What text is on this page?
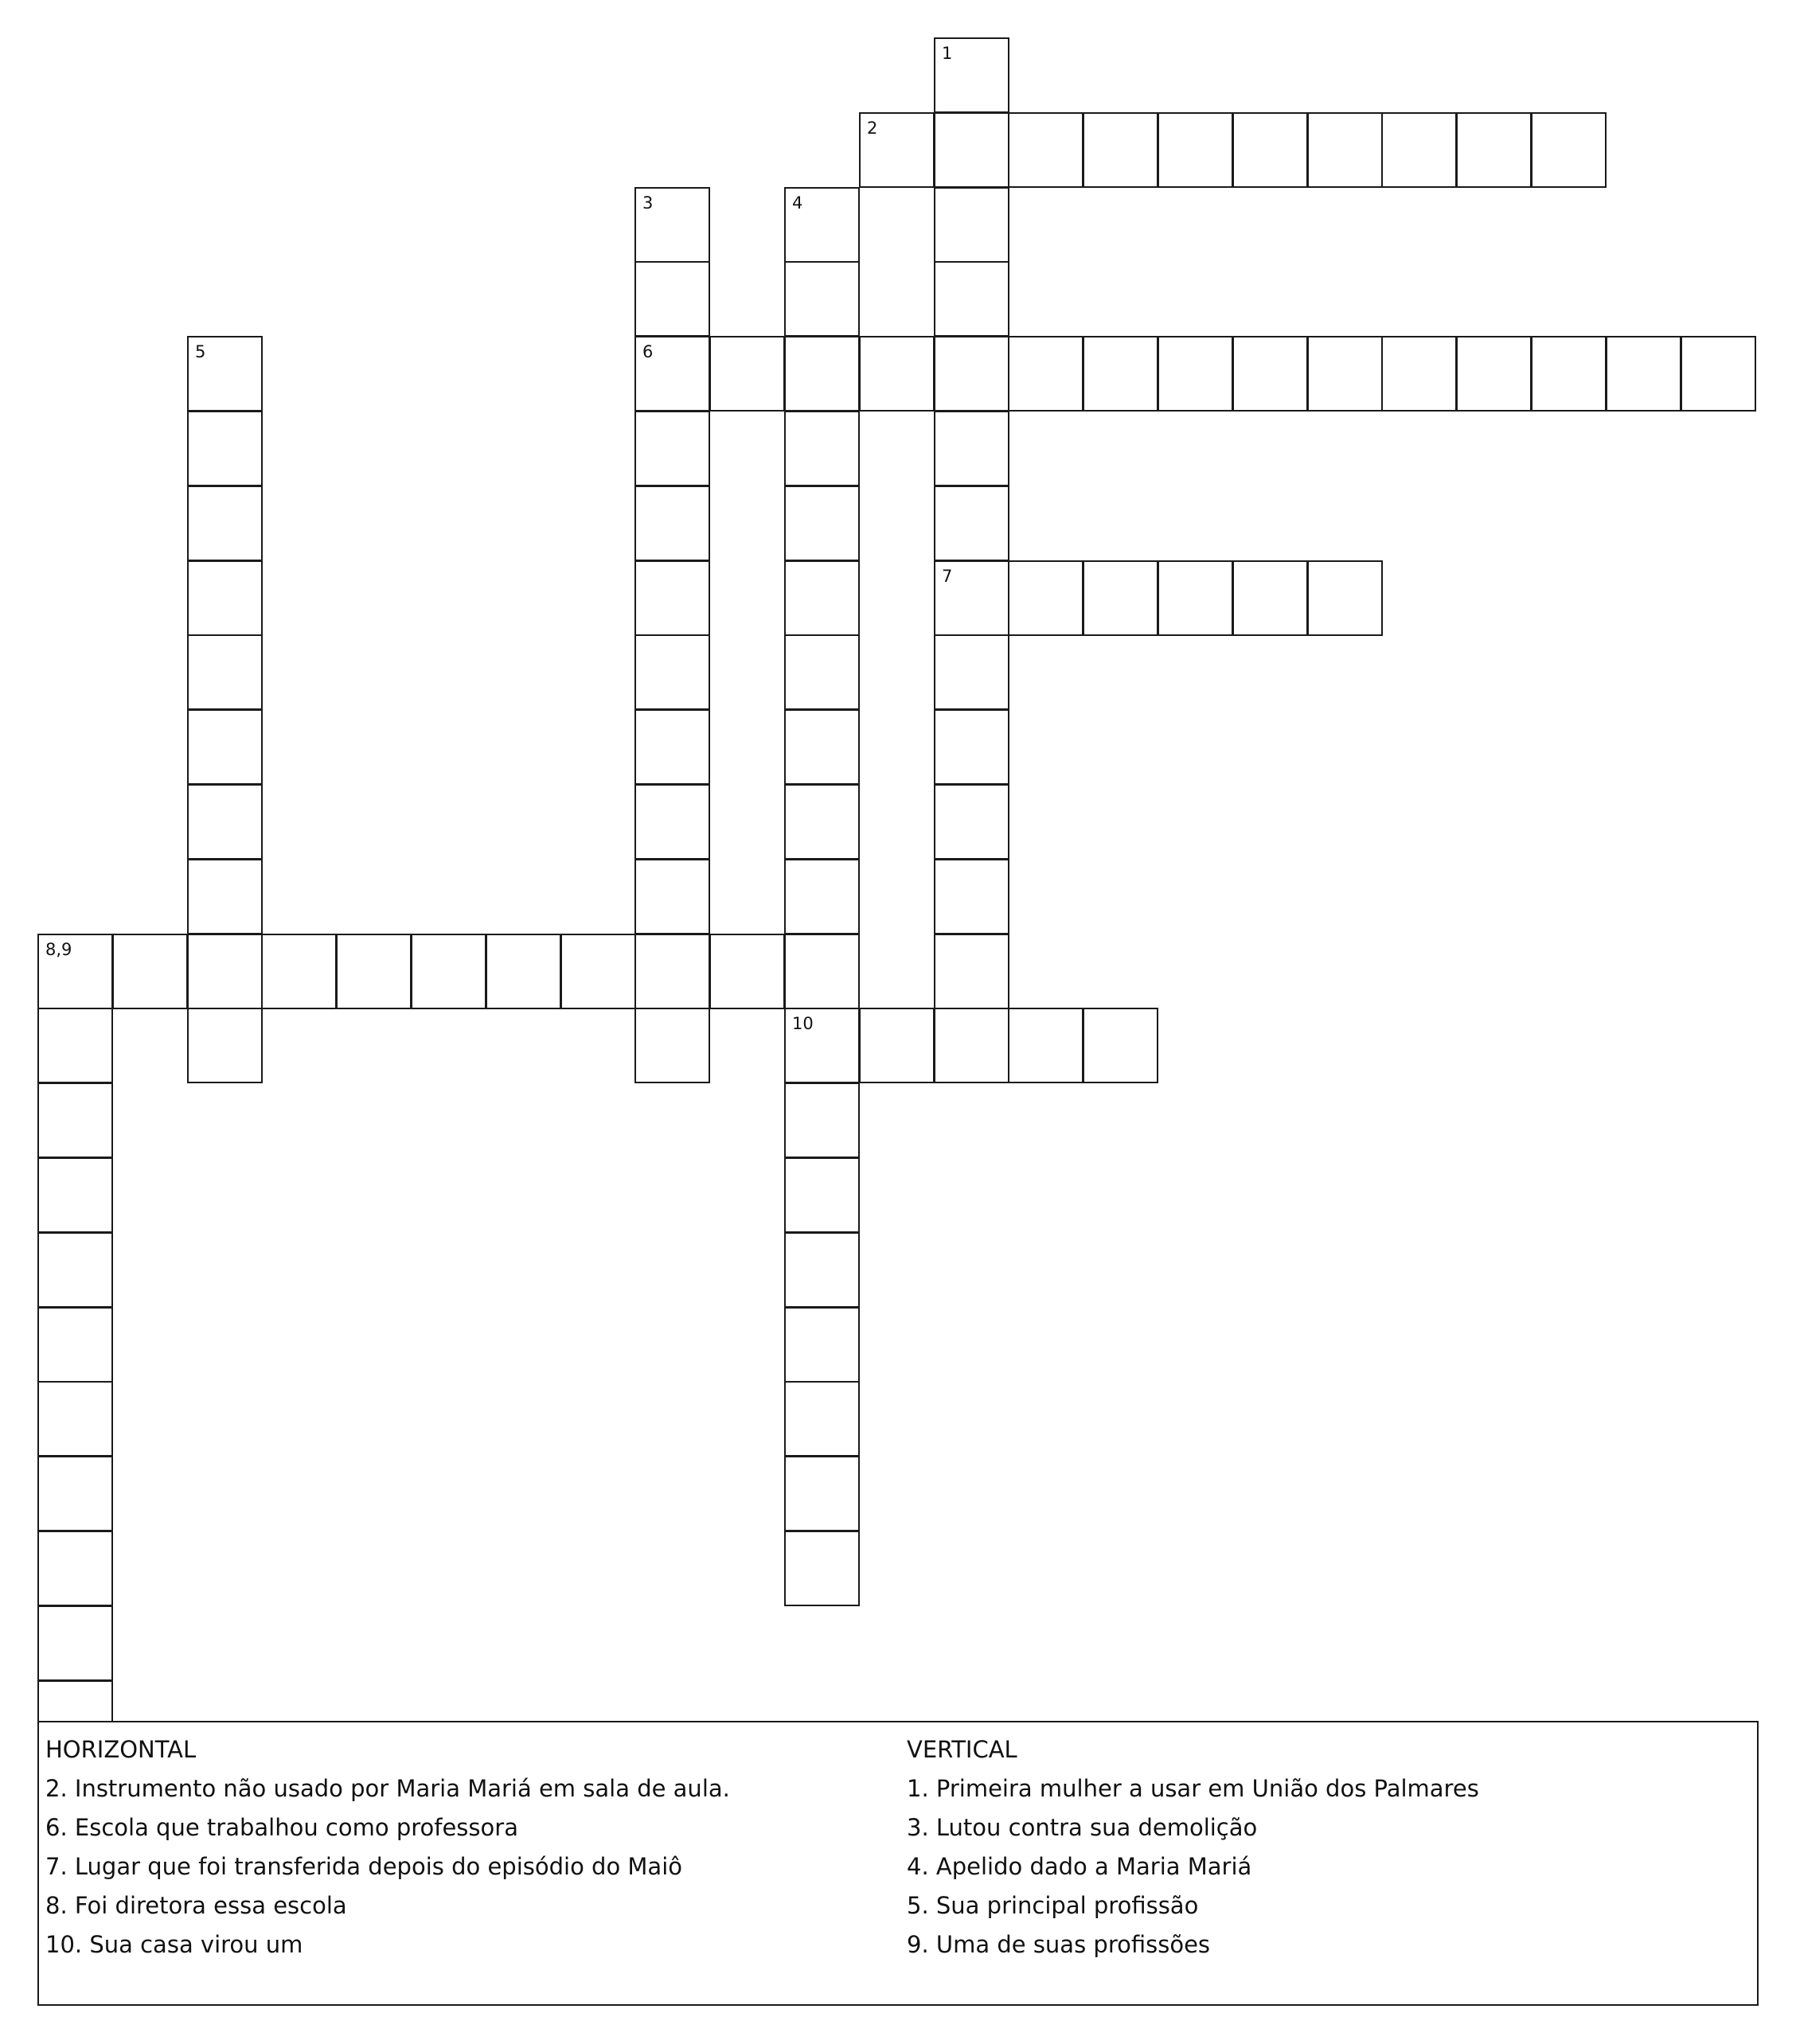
1
7
2
3
6
4
10
5
8,9
HORIZONTAL
2. Instrumento não usado por Maria Mariá em sala de aula.
6. Escola que trabalhou como professora
7. Lugar que foi transferida depois do episódio do Maiô
8. Foi diretora essa escola
10. Sua casa virou um
VERTICAL
1. Primeira mulher a usar em União dos Palmares
3. Lutou contra sua demolição
4. Apelido dado a Maria Mariá
5. Sua principal profissão
9. Uma de suas profissões
